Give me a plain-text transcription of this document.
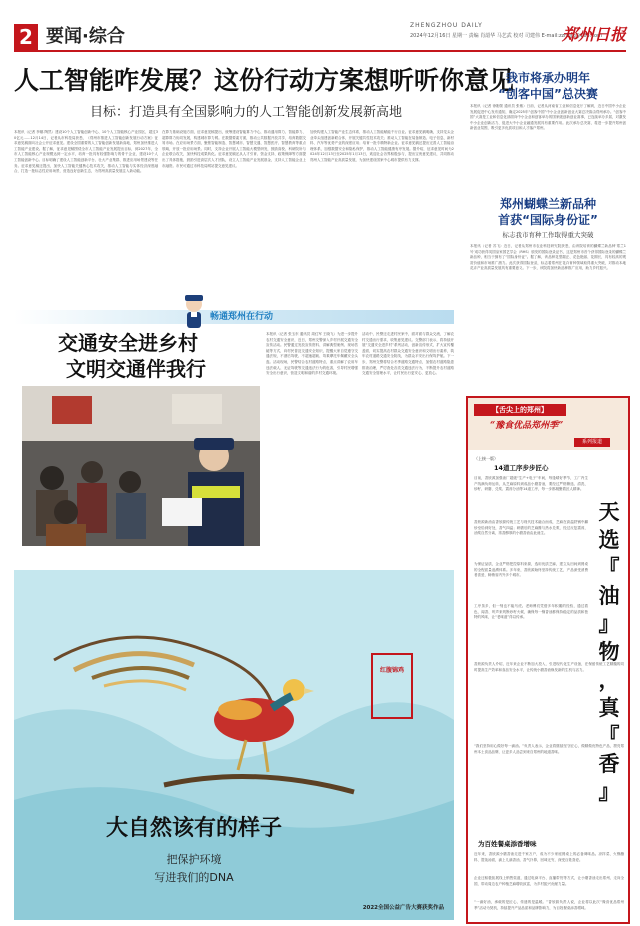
2 要闻·综合
ZHENGZHOU DAILY
2024年12月16日 星期一 责编 肖韶华 马艺武 校对 司建伟 E-mail:zzrbjjx@163.com
郑州日报
人工智能咋发展？这份行动方案想听听你意见
目标：打造具有全国影响力的人工智能创新发展新高地
本报讯（记者 李娜 陶然）建设10个人工智能创新中心、10个人工智能核心产业园区，超过30亿元……12月14日，记者从市科技局获悉，《郑州市推进人工智能创新发展行动方案》征求意见稿面向社会公开征求意见。建设全国重要的人工智能创新发展新高地，郑州加快推进人工智能产业建设。据了解，征求意见稿围绕全市人工智能产业发展提出目标，到2027年，全市人工智能核心产业规模达到一定水平，培育一批具有较强影响力的骨干企业，建设10个人工智能创新中心。目标明确了建设人工智能创新平台、壮大产业集群、推进应用场景建设等任务。征求意见稿还提出，加快人工智能关键核心技术攻关，推动人工智能与实体经济深度融合，打造一批标志性应用场景，营造良好创新生态，为郑州高质量发展注入新动能。
在算力基础设施方面，征求意见稿提出，统筹建设智能算力中心，推动通用算力、智能算力、超算算力协同发展，构建城市算力网。在数据要素方面，推动公共数据开放共享，培育数据交易市场。在应用场景方面，聚焦智能制造、智慧城市、智慧交通、智慧医疗、智慧教育等重点领域，开放一批应用场景。同时，支持企业开展人工智能大模型研发，鼓励高校、科研院所与企业联合攻关，加快科技成果转化。征求意见稿还从人才引育、资金支持、政策保障等方面提出了具体措施，鼓励引进高层次人才团队，设立人工智能产业发展基金，支持人工智能企业上市融资。市民可通过市科技局网站提交意见建议。
加快构建人工智能产业生态体系，推动人工智能赋能千行百业。征求意见稿明确，支持龙头企业牵头组建创新联合体，开展关键共性技术攻关；推动人工智能在装备制造、电子信息、新材料、汽车等优势产业的深度应用；培育一批专精特新企业。征求意见稿还提出完善人工智能治理体系，加强数据安全和隐私保护，推动人工智能健康有序发展。据介绍，征求意见时间为2024年12月13日至2025年1月13日，欢迎社会各界积极参与，提出宝贵意见建议，共同推动郑州人工智能产业高质量发展，为加快建设国家中心城市提供有力支撑。
我市将承办明年
“创客中国”总决赛
本报讯（记者 徐刚领 通讯员 张敏）日前，记者从河南省工业和信息化厅了解到，近日中国中小企业发展促进中心发布通知，确定2025年“创客中国”中小企业创新创业大赛总决赛由郑州承办。“创客中国”大赛是工业和信息化部面向中小企业和创客举办的国家级创新创业赛事，已连续举办多届，对激发中小企业创新活力、促进大中小企业融通发展具有重要作用。此次承办总决赛，将进一步提升郑州创新创业氛围，吸引更多优质项目和人才落户郑州。
郑州蝴蝶兰新品种
首获“国际身份证”
标志我市育种工作取得重大突破
本报讯（记者 苏飞）近日，记者从郑州市农业科技研究院获悉，由该院培育的蝴蝶兰新品种‘郑兰1号’成功获得英国皇家园艺学会（RHS）颁发的国际登录证书，这是郑州市首个获得国际登录的蝴蝶兰新品种，相当于拥有了“国际身份证”。据了解，该品种花型端正、花色艳丽、花期长，具有较高的观赏价值和市场推广潜力。此次获得国际登录，标志着郑州在花卉育种领域取得重大突破，对推动本地花卉产业高质量发展具有重要意义。下一步，该院将加快新品种推广应用，助力乡村振兴。
畅通郑州在行动
交通安全进乡村
文明交通伴我行
本报讯（记者 张玉东 通讯员 周红军 王晓飞）为进一步提升农村交通安全意识，近日，郑州交警深入乡村开展交通安全宣传活动。民警通过发放宣传资料、讲解典型案例、现场答疑等方式，向村民普及交通安全知识，提醒大家自觉遵守交通法规，不酒后驾驶、不超速超载、驾乘摩托车佩戴安全头盔。活动现场，民警结合农村道路特点，重点讲解了农用车违法载人、无证驾驶等交通违法行为的危害，引导村民增强安全出行意识，营造文明和谐的乡村交通环境。
活动中，民警还走进村民家中，面对面与群众交流，了解农村交通出行需求，收集意见建议。交警部门表示，将持续开展“交通安全进乡村”系列活动，创新宣传形式，扩大宣传覆盖面，切实提高农村群众交通安全意识和文明出行素养，筑牢农村道路交通安全防线，为群众平安出行保驾护航。下一步，郑州交警将结合冬季道路交通特点，加强农村道路隐患排查治理，严厉查处各类交通违法行为，不断提升农村道路交通安全管理水平，让村民出行更安心、更放心。
红腹锦鸡
大自然该有的样子
把保护环境
写进我们的DNA
2022全国公益广告大赛获奖作品
【舌尖上的郑州】
“豫食优品郑州季”
系列报道
（上接一版）
14道工序步步匠心
目前，香欣源加强油厂超级“生产+电子”车间，每逢晴好季节，工厂内生产线满负荷运转，从芝麻原料到成品小磨香油，要经过严格筛选、清洗、炒籽、研磨、兑浆、震荡分油等14道工序，每一步都凝聚着匠人精神。
香欣源新油由香欣源传统工艺与现代技术融合而成，芝麻在高温铁锅中翻炒至恰到好处，香气四溢；研磨后的芝麻酱与热水兑浆，经过反复震荡，油浆自然分离，浓香醇厚的小磨香油由此诞生。
为保证品质，企业严格把控原料来源，选用优质芝麻，建立从田间到餐桌的全程质量追溯体系。多年来，香欣源始终坚持传统工艺，产品深受消费者喜爱，畅销省内外多个城市。
工序虽多，但一刻也不能马虎。老师傅们凭借多年积累的经验，通过看色、闻香、听声来判断炒籽火候，确保每一锅香油都保持稳定的品质和独特的风味，让“老味道”得以传承。
香欣源负责人介绍，近年来企业不断加大投入，引进现代化生产设备，在保留传统工艺精髓的同时提高生产效率和食品安全水平，让传统小磨香油焕发新的生机与活力。
“我们坚持用心做好每一滴油。”负责人表示，企业将继续坚守匠心，做精做优特色产品，擦亮郑州本土食品品牌，让更多人品尝到来自郑州的地道香味。
为百姓餐桌添香增味
近年来，香欣源小磨香油走进千家万户，成为不少家庭餐桌上的必备调味品。凉拌菜、火锅蘸料、馄饨汤面，滴上几滴香油，香气扑鼻，回味无穷，深受百姓喜爱。
企业还积极拓展线上销售渠道，通过电商平台、直播带货等方式，让小磨香油走出郑州、走向全国，带动周边农户种植芝麻增收致富，为乡村振兴贡献力量。
“一滴好油，承载的是匠心，传递的是温暖。”香欣源负责人说，企业将以此次“豫食优品郑州季”活动为契机，持续提升产品品质和品牌影响力，为百姓餐桌添香增味。
天
选
『
油
』
物
，
真
『
香
』
